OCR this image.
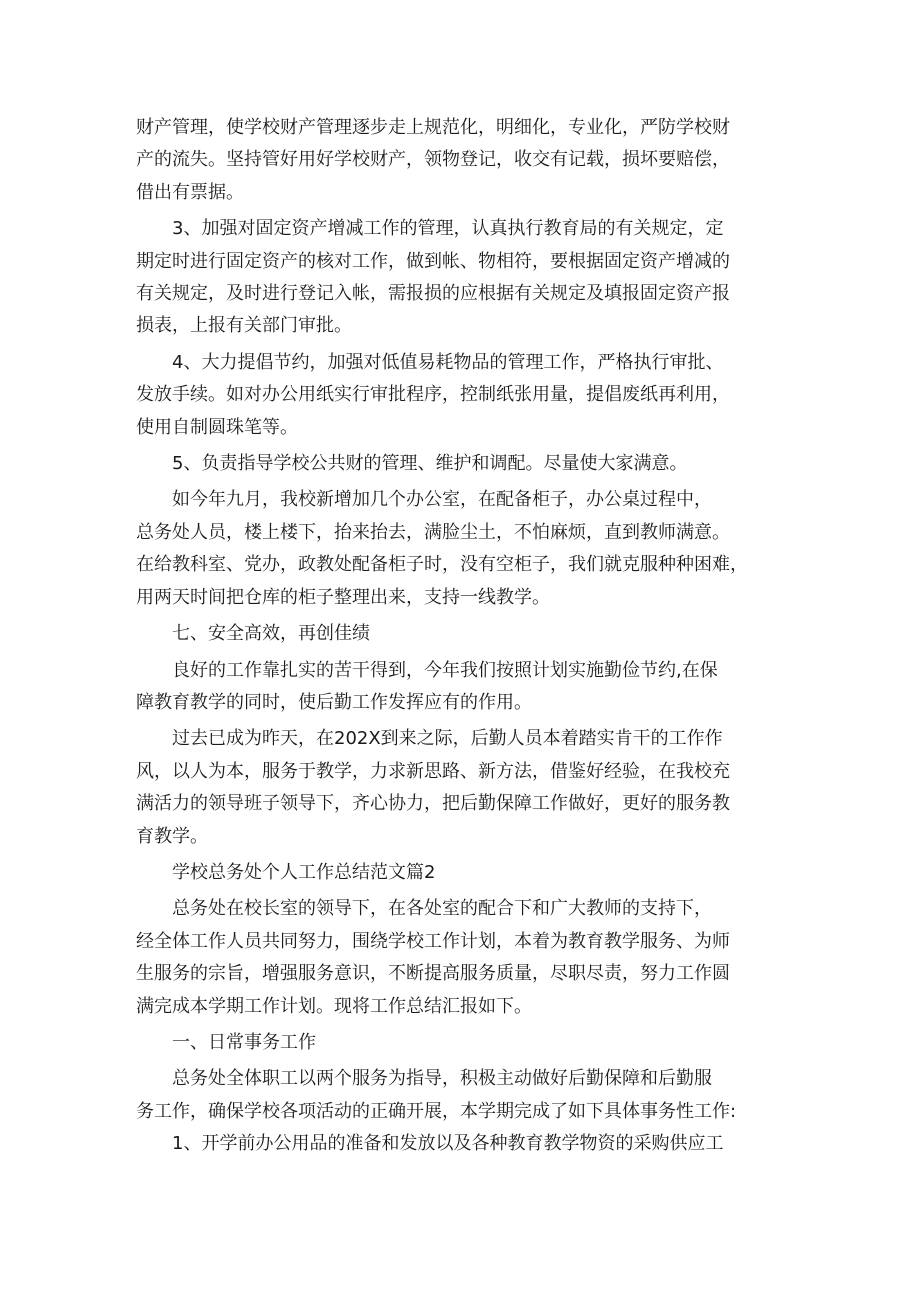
财产管理，使学校财产管理逐步走上规范化，明细化，专业化，严防学校财
产的流失。坚持管好用好学校财产，领物登记，收交有记载，损坏要赔偿，
借出有票据。
3、加强对固定资产增减工作的管理，认真执行教育局的有关规定，定
期定时进行固定资产的核对工作，做到帐、物相符，要根据固定资产增减的
有关规定，及时进行登记入帐，需报损的应根据有关规定及填报固定资产报
损表，上报有关部门审批。
4、大力提倡节约，加强对低值易耗物品的管理工作，严格执行审批、
发放手续。如对办公用纸实行审批程序，控制纸张用量，提倡废纸再利用，
使用自制圆珠笔等。
5、负责指导学校公共财的管理、维护和调配。尽量使大家满意。
如今年九月，我校新增加几个办公室，在配备柜子，办公桌过程中，
总务处人员，楼上楼下，抬来抬去，满脸尘土，不怕麻烦，直到教师满意。
在给教科室、党办，政教处配备柜子时，没有空柜子，我们就克服种种困难，
用两天时间把仓库的柜子整理出来，支持一线教学。
七、安全高效，再创佳绩
良好的工作靠扎实的苦干得到，今年我们按照计划实施勤俭节约,在保
障教育教学的同时，使后勤工作发挥应有的作用。
过去已成为昨天，在202X到来之际，后勤人员本着踏实肯干的工作作
风，以人为本，服务于教学，力求新思路、新方法，借鉴好经验，在我校充
满活力的领导班子领导下，齐心协力，把后勤保障工作做好，更好的服务教
育教学。
学校总务处个人工作总结范文篇2
总务处在校长室的领导下，在各处室的配合下和广大教师的支持下，
经全体工作人员共同努力，围绕学校工作计划，本着为教育教学服务、为师
生服务的宗旨，增强服务意识，不断提高服务质量，尽职尽责，努力工作圆
满完成本学期工作计划。现将工作总结汇报如下。
一、日常事务工作
总务处全体职工以两个服务为指导，积极主动做好后勤保障和后勤服
务工作，确保学校各项活动的正确开展，本学期完成了如下具体事务性工作:
1、开学前办公用品的准备和发放以及各种教育教学物资的采购供应工
